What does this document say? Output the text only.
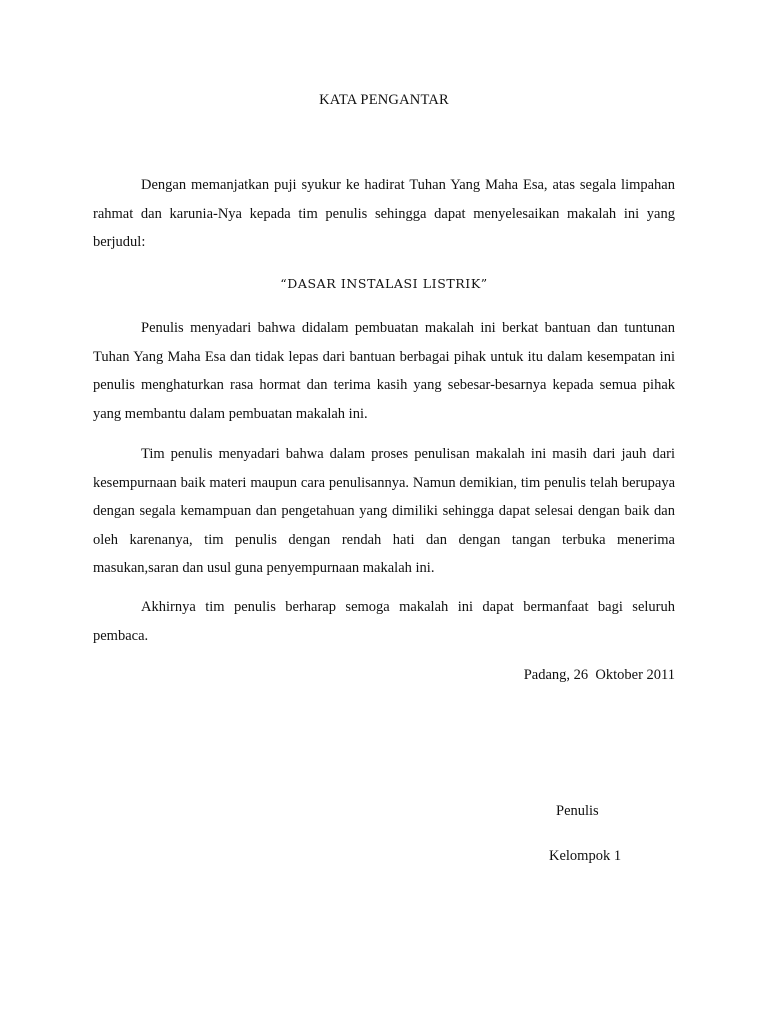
KATA PENGANTAR
Dengan memanjatkan puji syukur ke hadirat Tuhan Yang Maha Esa, atas segala limpahan rahmat dan karunia-Nya kepada tim penulis sehingga dapat menyelesaikan makalah ini yang berjudul:
“DASAR INSTALASI LISTRIK”
Penulis menyadari bahwa didalam pembuatan makalah ini berkat bantuan dan tuntunan Tuhan Yang Maha Esa dan tidak lepas dari bantuan berbagai pihak untuk itu dalam kesempatan ini penulis menghaturkan rasa hormat dan terima kasih yang sebesar-besarnya kepada semua pihak yang membantu dalam pembuatan makalah ini.
Tim penulis menyadari bahwa dalam proses penulisan makalah ini masih dari jauh dari kesempurnaan baik materi maupun cara penulisannya. Namun demikian, tim penulis telah berupaya dengan segala kemampuan dan pengetahuan yang dimiliki sehingga dapat selesai dengan baik dan oleh karenanya, tim penulis dengan rendah hati dan dengan tangan terbuka menerima masukan,saran dan usul guna penyempurnaan makalah ini.
Akhirnya tim penulis berharap semoga makalah ini dapat bermanfaat bagi seluruh pembaca.
Padang, 26  Oktober 2011
Penulis
Kelompok 1
